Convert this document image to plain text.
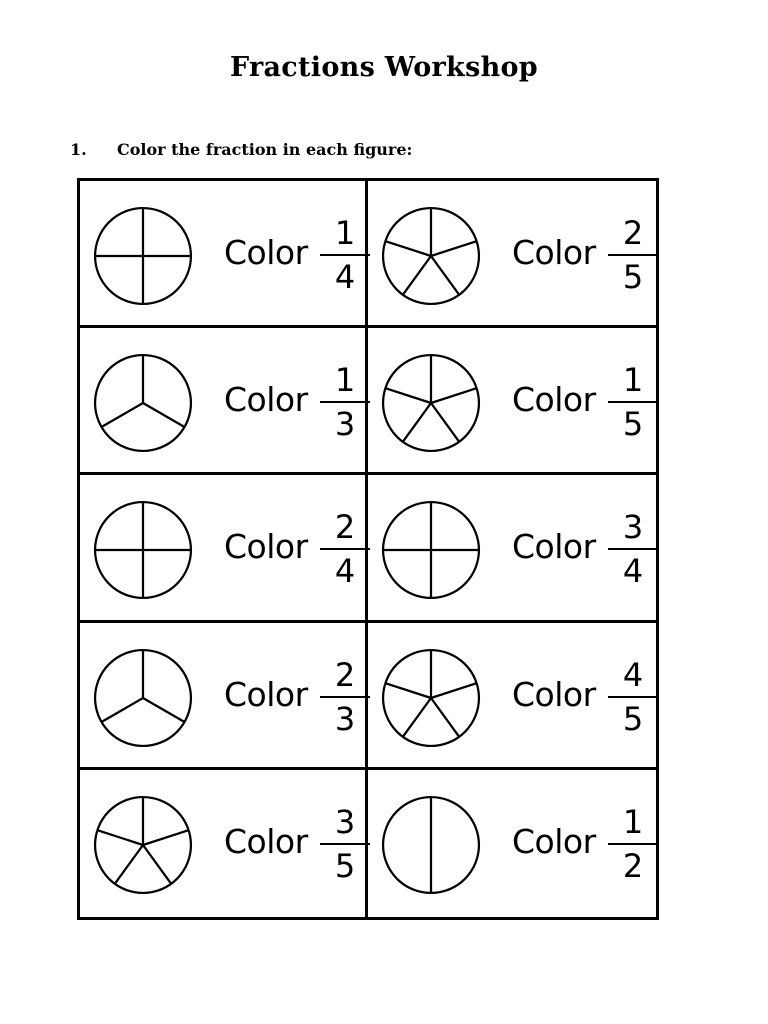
Fractions Workshop
1. Color the fraction in each figure:
Color 1
4
Color 2
5
Color 1
3
Color 1
5
Color 2
4
Color 3
4
Color 2
3
Color 4
5
Color 3
5
Color 1
2
